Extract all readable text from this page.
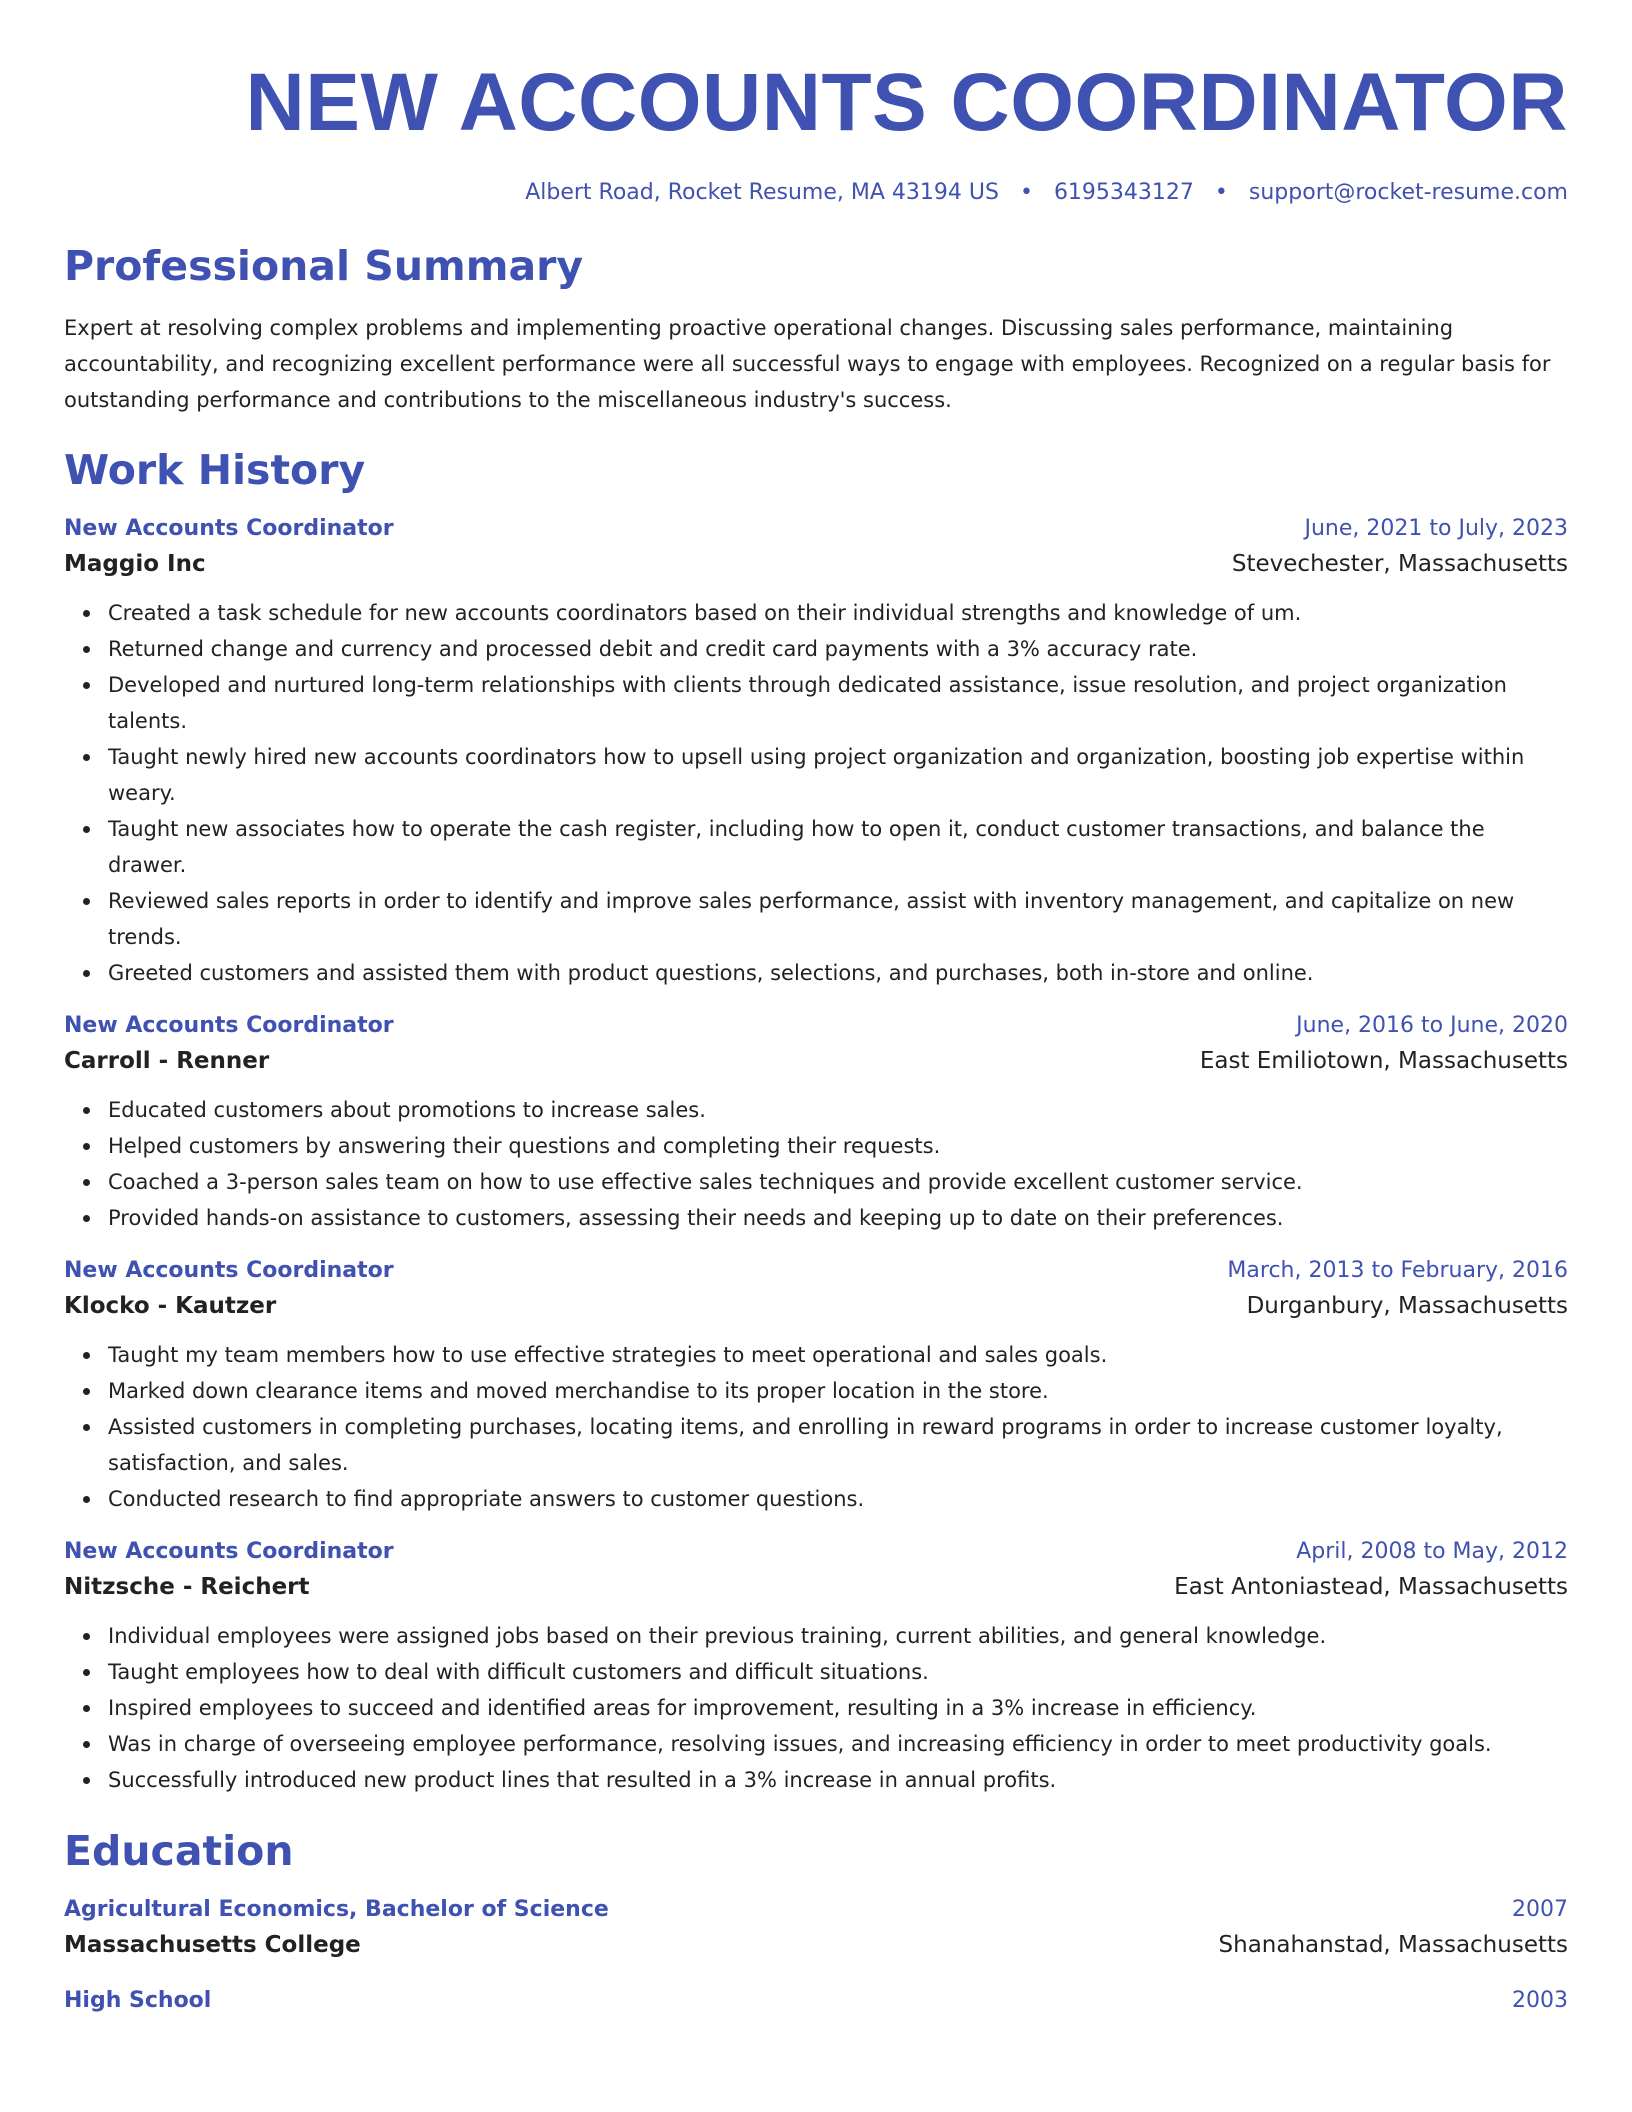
NEW ACCOUNTS COORDINATOR
Albert Road, Rocket Resume, MA 43194 US • 6195343127 • support@rocket-resume.com
Professional Summary

Expert at resolving complex problems and implementing proactive operational changes. Discussing sales performance, maintaining accountability, and recognizing excellent performance were all successful ways to engage with employees. Recognized on a regular basis for outstanding performance and contributions to the miscellaneous industry's success.

Work History
New Accounts Coordinator	June, 2021 to July, 2023
Maggio Inc	Stevechester, Massachusetts
Created a task schedule for new accounts coordinators based on their individual strengths and knowledge of um.
Returned change and currency and processed debit and credit card payments with a 3% accuracy rate.
Developed and nurtured long-term relationships with clients through dedicated assistance, issue resolution, and project organization talents.
Taught newly hired new accounts coordinators how to upsell using project organization and organization, boosting job expertise within weary.
Taught new associates how to operate the cash register, including how to open it, conduct customer transactions, and balance the drawer.
Reviewed sales reports in order to identify and improve sales performance, assist with inventory management, and capitalize on new trends.
Greeted customers and assisted them with product questions, selections, and purchases, both in-store and online.
New Accounts Coordinator	June, 2016 to June, 2020
Carroll - Renner	East Emiliotown, Massachusetts
Educated customers about promotions to increase sales.
Helped customers by answering their questions and completing their requests.
Coached a 3-person sales team on how to use effective sales techniques and provide excellent customer service.
Provided hands-on assistance to customers, assessing their needs and keeping up to date on their preferences.
New Accounts Coordinator	March, 2013 to February, 2016
Klocko - Kautzer	Durganbury, Massachusetts
Taught my team members how to use effective strategies to meet operational and sales goals.
Marked down clearance items and moved merchandise to its proper location in the store.
Assisted customers in completing purchases, locating items, and enrolling in reward programs in order to increase customer loyalty, satisfaction, and sales.
Conducted research to find appropriate answers to customer questions.
New Accounts Coordinator	April, 2008 to May, 2012
Nitzsche - Reichert	East Antoniastead, Massachusetts
Individual employees were assigned jobs based on their previous training, current abilities, and general knowledge.
Taught employees how to deal with difficult customers and difficult situations.
Inspired employees to succeed and identified areas for improvement, resulting in a 3% increase in efficiency.
Was in charge of overseeing employee performance, resolving issues, and increasing efficiency in order to meet productivity goals.
Successfully introduced new product lines that resulted in a 3% increase in annual profits.
Education
Agricultural Economics, Bachelor of Science	2007
Massachusetts College	Shanahanstad, Massachusetts
High School	2003
